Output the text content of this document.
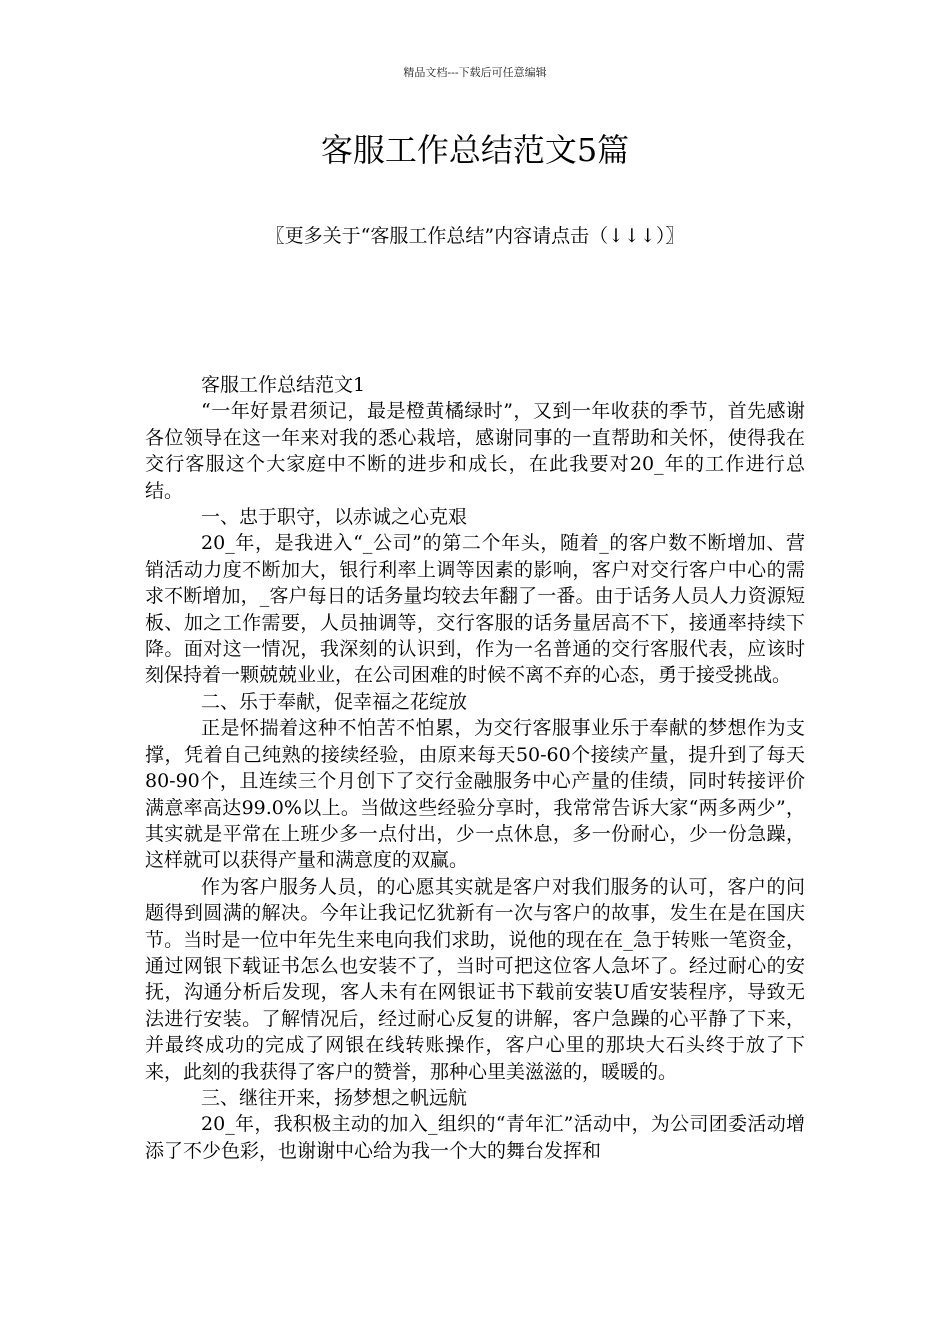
精品文档---下载后可任意编辑
客服工作总结范文5篇
〖更多关于“客服工作总结”内容请点击（↓↓↓）〗

客服工作总结范文1

“一年好景君须记，最是橙黄橘绿时”，又到一年收获的季节，首先感谢各位领导在这一年来对我的悉心栽培，感谢同事的一直帮助和关怀，使得我在交行客服这个大家庭中不断的进步和成长，在此我要对20_年的工作进行总结。

一、忠于职守，以赤诚之心克艰

20_年，是我进入“_公司”的第二个年头，随着_的客户数不断增加、营销活动力度不断加大，银行利率上调等因素的影响，客户对交行客户中心的需求不断增加，_客户每日的话务量均较去年翻了一番。由于话务人员人力资源短板、加之工作需要，人员抽调等，交行客服的话务量居高不下，接通率持续下降。面对这一情况，我深刻的认识到，作为一名普通的交行客服代表，应该时刻保持着一颗兢兢业业，在公司困难的时候不离不弃的心态，勇于接受挑战。

二、乐于奉献，促幸福之花绽放

正是怀揣着这种不怕苦不怕累，为交行客服事业乐于奉献的梦想作为支撑，凭着自己纯熟的接续经验，由原来每天50-60个接续产量，提升到了每天80-90个，且连续三个月创下了交行金融服务中心产量的佳绩，同时转接评价满意率高达99.0%以上。当做这些经验分享时，我常常告诉大家“两多两少”，其实就是平常在上班少多一点付出，少一点休息，多一份耐心，少一份急躁，这样就可以获得产量和满意度的双赢。

作为客户服务人员，的心愿其实就是客户对我们服务的认可，客户的问题得到圆满的解决。今年让我记忆犹新有一次与客户的故事，发生在是在国庆节。当时是一位中年先生来电向我们求助，说他的现在在_急于转账一笔资金，通过网银下载证书怎么也安装不了，当时可把这位客人急坏了。经过耐心的安抚，沟通分析后发现，客人未有在网银证书下载前安装U盾安装程序，导致无法进行安装。了解情况后，经过耐心反复的讲解，客户急躁的心平静了下来，并最终成功的完成了网银在线转账操作，客户心里的那块大石头终于放了下来，此刻的我获得了客户的赞誉，那种心里美滋滋的，暖暖的。

三、继往开来，扬梦想之帆远航

20_年，我积极主动的加入_组织的“青年汇”活动中，为公司团委活动增添了不少色彩，也谢谢中心给为我一个大的舞台发挥和
